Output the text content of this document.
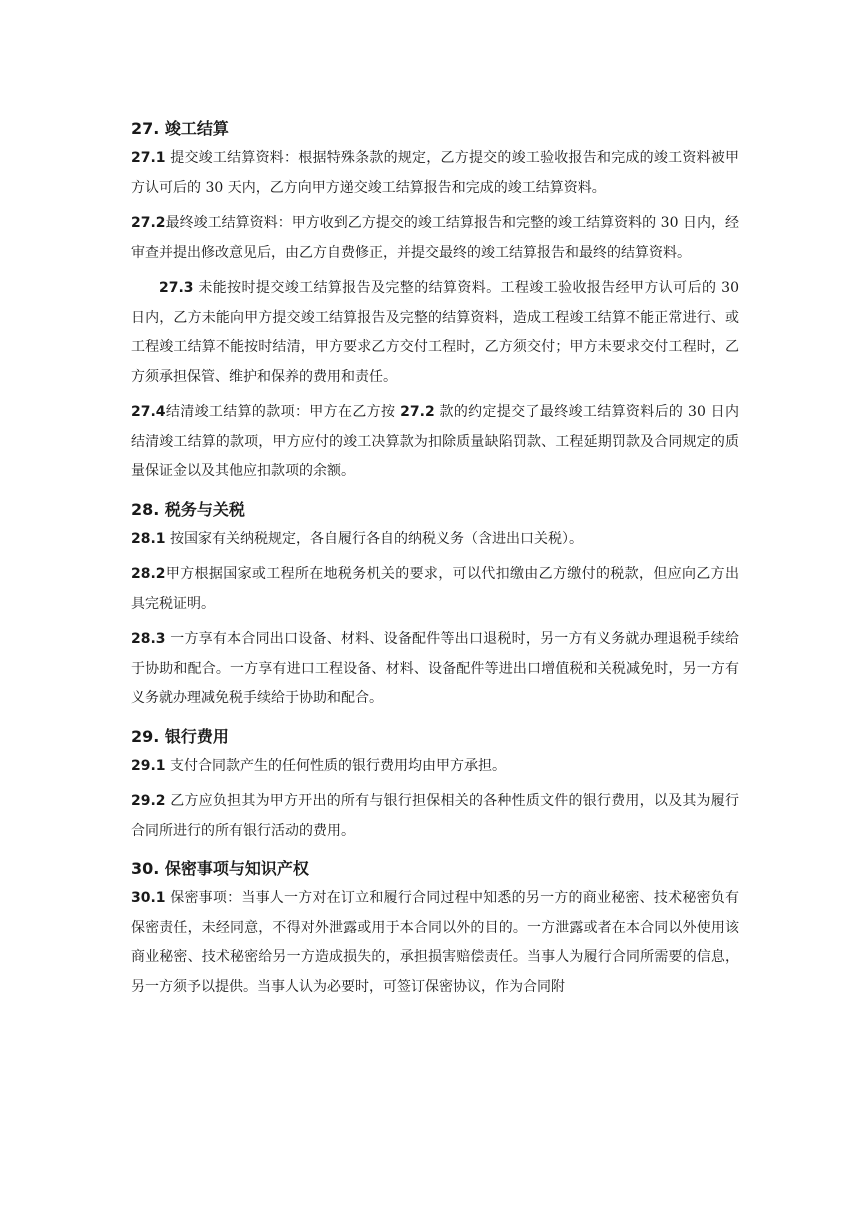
27. 竣工结算

27.1 提交竣工结算资料：根据特殊条款的规定，乙方提交的竣工验收报告和完成的竣工资料被甲方认可后的 30 天内，乙方向甲方递交竣工结算报告和完成的竣工结算资料。

27.2最终竣工结算资料：甲方收到乙方提交的竣工结算报告和完整的竣工结算资料的 30 日内，经审查并提出修改意见后，由乙方自费修正，并提交最终的竣工结算报告和最终的结算资料。

27.3 未能按时提交竣工结算报告及完整的结算资料。工程竣工验收报告经甲方认可后的 30 日内，乙方未能向甲方提交竣工结算报告及完整的结算资料，造成工程竣工结算不能正常进行、或工程竣工结算不能按时结清，甲方要求乙方交付工程时，乙方须交付；甲方未要求交付工程时，乙方须承担保管、维护和保养的费用和责任。

27.4结清竣工结算的款项：甲方在乙方按 27.2 款的约定提交了最终竣工结算资料后的 30 日内结清竣工结算的款项，甲方应付的竣工决算款为扣除质量缺陷罚款、工程延期罚款及合同规定的质量保证金以及其他应扣款项的余额。

28. 税务与关税

28.1 按国家有关纳税规定，各自履行各自的纳税义务（含进出口关税）。

28.2甲方根据国家或工程所在地税务机关的要求，可以代扣缴由乙方缴付的税款，但应向乙方出具完税证明。

28.3 一方享有本合同出口设备、材料、设备配件等出口退税时，另一方有义务就办理退税手续给于协助和配合。一方享有进口工程设备、材料、设备配件等进出口增值税和关税减免时，另一方有义务就办理减免税手续给于协助和配合。

29. 银行费用

29.1 支付合同款产生的任何性质的银行费用均由甲方承担。

29.2 乙方应负担其为甲方开出的所有与银行担保相关的各种性质文件的银行费用，以及其为履行合同所进行的所有银行活动的费用。

30. 保密事项与知识产权

30.1 保密事项：当事人一方对在订立和履行合同过程中知悉的另一方的商业秘密、技术秘密负有保密责任，未经同意，不得对外泄露或用于本合同以外的目的。一方泄露或者在本合同以外使用该商业秘密、技术秘密给另一方造成损失的，承担损害赔偿责任。当事人为履行合同所需要的信息，另一方须予以提供。当事人认为必要时，可签订保密协议，作为合同附
